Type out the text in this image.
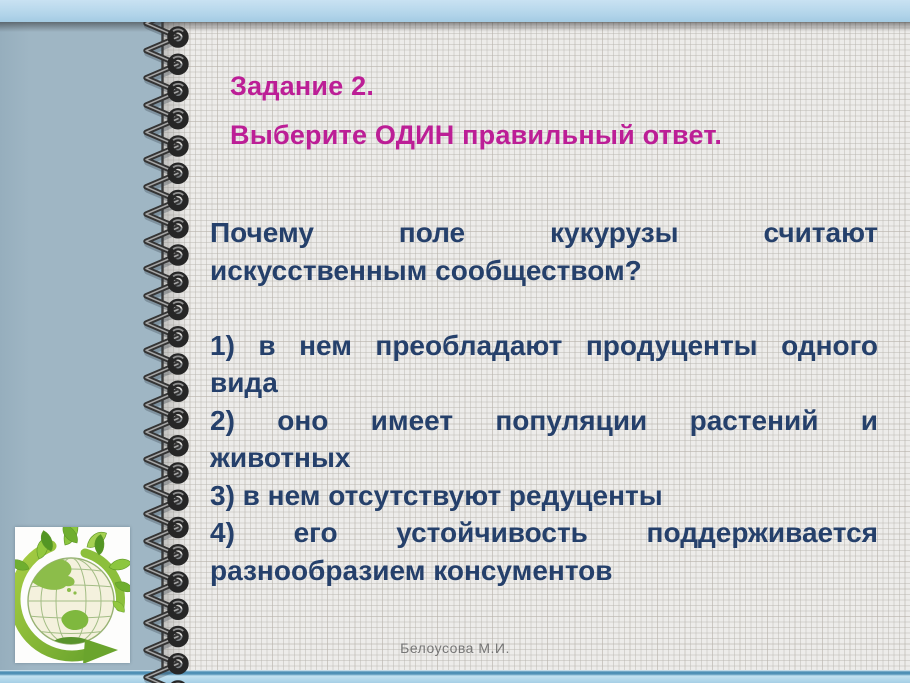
Задание 2.
Выберите ОДИН правильный ответ.
Почему поле кукурузы считают
искусственным сообществом?
1) в нем преобладают продуценты одного
вида
2) оно имеет популяции растений и
животных
3) в нем отсутствуют редуценты
4) его устойчивость поддерживается
разнообразием консументов
Белоусова М.И.
